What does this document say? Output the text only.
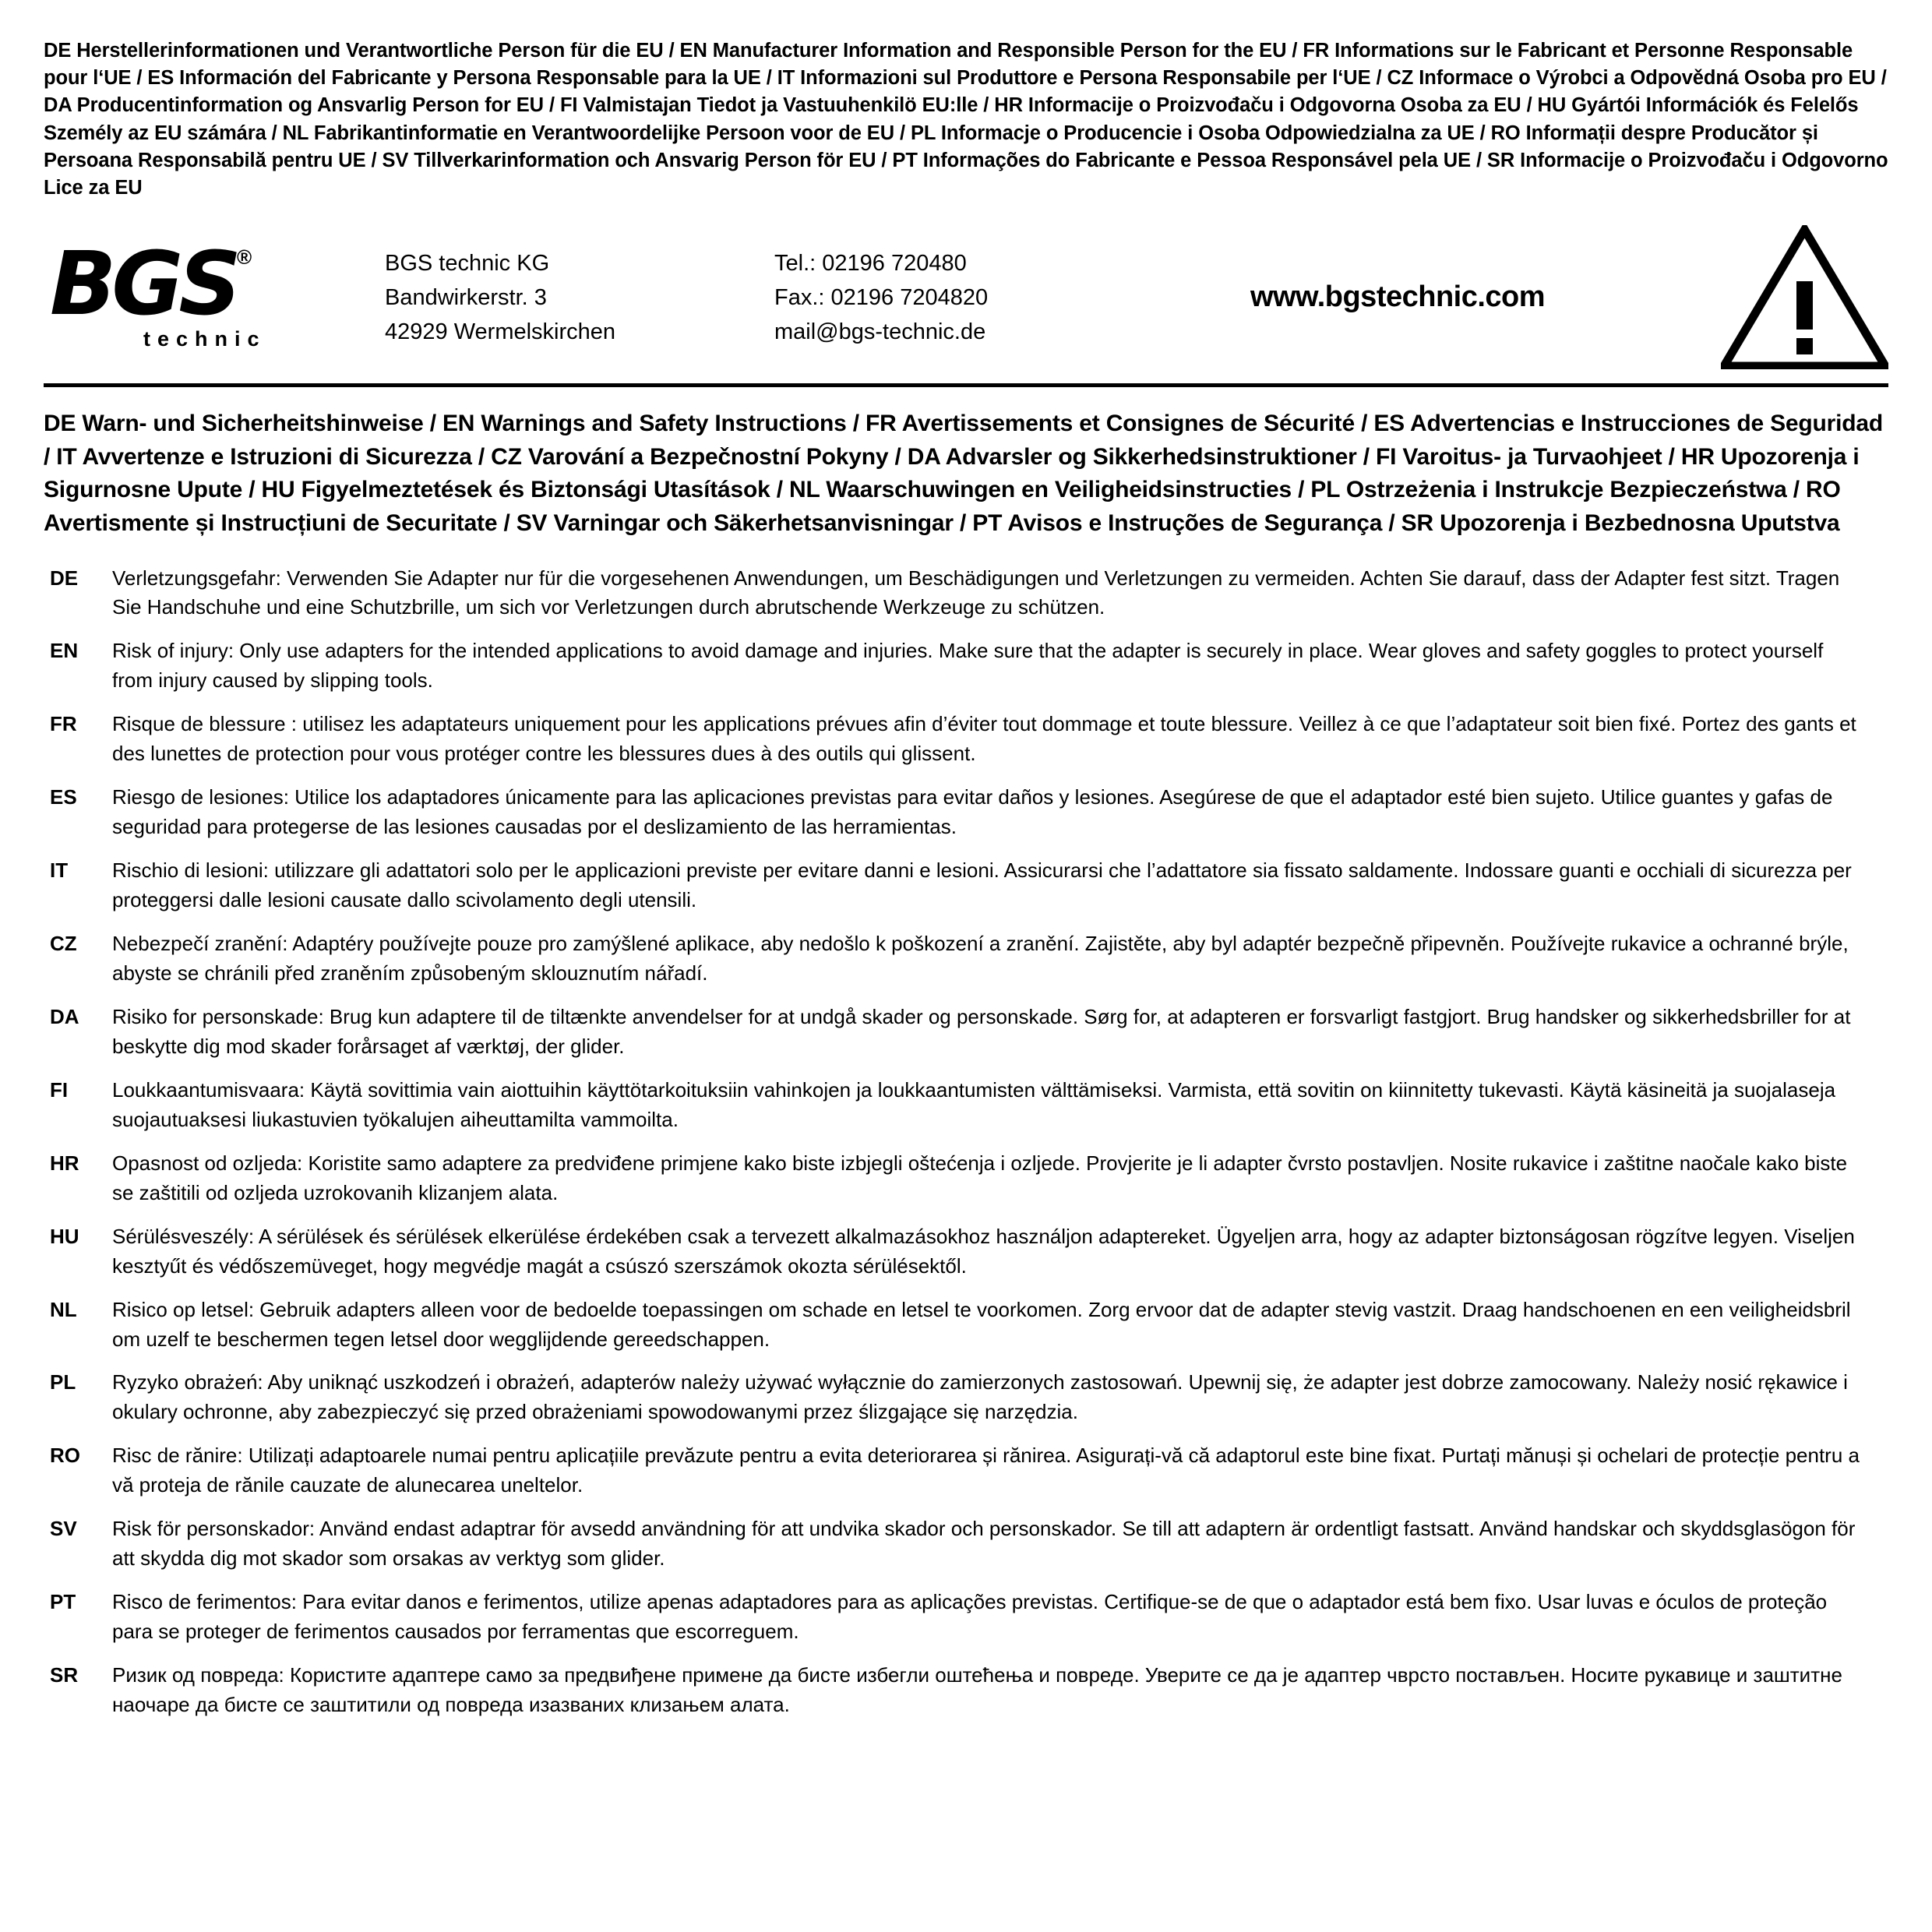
DE Herstellerinformationen und Verantwortliche Person für die EU / EN Manufacturer Information and Responsible Person for the EU / FR Informations sur le Fabricant et Personne Responsable pour l‘UE / ES Información del Fabricante y Persona Responsable para la UE / IT Informazioni sul Produttore e Persona Responsabile per l‘UE / CZ Informace o Výrobci a Odpovědná Osoba pro EU / DA Producentinformation og Ansvarlig Person for EU / FI Valmistajan Tiedot ja Vastuuhenkilö EU:lle / HR Informacije o Proizvođaču i Odgovorna Osoba za EU / HU Gyártói Információk és Felelős Személy az EU számára / NL Fabrikantinformatie en Verantwoordelijke Persoon voor de EU / PL Informacje o Producencie i Osoba Odpowiedzialna za UE / RO Informații despre Producător și Persoana Responsabilă pentru UE / SV Tillverkarinformation och Ansvarig Person för EU / PT Informações do Fabricante e Pessoa Responsável pela UE / SR Informacije o Proizvođaču i Odgovorno Lice za EU
BGS ®
technic
BGS technic KG
Bandwirkerstr. 3
42929 Wermelskirchen
Tel.: 02196 720480
Fax.: 02196 7204820
mail@bgs-technic.de
www.bgstechnic.com
DE Warn- und Sicherheitshinweise / EN Warnings and Safety Instructions / FR Avertissements et Consignes de Sécurité / ES Advertencias e Instrucciones de Seguridad / IT Avvertenze e Istruzioni di Sicurezza / CZ Varování a Bezpečnostní Pokyny / DA Advarsler og Sikkerhedsinstruktioner / FI Varoitus- ja Turvaohjeet / HR Upozorenja i Sigurnosne Upute / HU Figyelmeztetések és Biztonsági Utasítások / NL Waarschuwingen en Veiligheidsinstructies / PL Ostrzeżenia i Instrukcje Bezpieczeństwa / RO Avertismente și Instrucțiuni de Securitate / SV Varningar och Säkerhetsanvisningar / PT Avisos e Instruções de Segurança / SR Upozorenja i Bezbednosna Uputstva
DE	Verletzungsgefahr: Verwenden Sie Adapter nur für die vorgesehenen Anwendungen, um Beschädigungen und Verletzungen zu vermeiden. Achten Sie darauf, dass der Adapter fest sitzt. Tragen Sie Handschuhe und eine Schutzbrille, um sich vor Verletzungen durch abrutschende Werkzeuge zu schützen.
EN	Risk of injury: Only use adapters for the intended applications to avoid damage and injuries. Make sure that the adapter is securely in place. Wear gloves and safety goggles to protect yourself from injury caused by slipping tools.
FR	Risque de blessure : utilisez les adaptateurs uniquement pour les applications prévues afin d’éviter tout dommage et toute blessure. Veillez à ce que l’adaptateur soit bien fixé. Portez des gants et des lunettes de protection pour vous protéger contre les blessures dues à des outils qui glissent.
ES	Riesgo de lesiones: Utilice los adaptadores únicamente para las aplicaciones previstas para evitar daños y lesiones. Asegúrese de que el adaptador esté bien sujeto. Utilice guantes y gafas de seguridad para protegerse de las lesiones causadas por el deslizamiento de las herramientas.
IT	Rischio di lesioni: utilizzare gli adattatori solo per le applicazioni previste per evitare danni e lesioni. Assicurarsi che l’adattatore sia fissato saldamente. Indossare guanti e occhiali di sicurezza per proteggersi dalle lesioni causate dallo scivolamento degli utensili.
CZ	Nebezpečí zranění: Adaptéry používejte pouze pro zamýšlené aplikace, aby nedošlo k poškození a zranění. Zajistěte, aby byl adaptér bezpečně připevněn. Používejte rukavice a ochranné brýle, abyste se chránili před zraněním způsobeným sklouznutím nářadí.
DA	Risiko for personskade: Brug kun adaptere til de tiltænkte anvendelser for at undgå skader og personskade. Sørg for, at adapteren er forsvarligt fastgjort. Brug handsker og sikkerhedsbriller for at beskytte dig mod skader forårsaget af værktøj, der glider.
FI	Loukkaantumisvaara: Käytä sovittimia vain aiottuihin käyttötarkoituksiin vahinkojen ja loukkaantumisten välttämiseksi. Varmista, että sovitin on kiinnitetty tukevasti. Käytä käsineitä ja suojalaseja suojautuaksesi liukastuvien työkalujen aiheuttamilta vammoilta.
HR	Opasnost od ozljeda: Koristite samo adaptere za predviđene primjene kako biste izbjegli oštećenja i ozljede. Provjerite je li adapter čvrsto postavljen. Nosite rukavice i zaštitne naočale kako biste se zaštitili od ozljeda uzrokovanih klizanjem alata.
HU	Sérülésveszély: A sérülések és sérülések elkerülése érdekében csak a tervezett alkalmazásokhoz használjon adaptereket. Ügyeljen arra, hogy az adapter biztonságosan rögzítve legyen. Viseljen kesztyűt és védőszemüveget, hogy megvédje magát a csúszó szerszámok okozta sérülésektől.
NL	Risico op letsel: Gebruik adapters alleen voor de bedoelde toepassingen om schade en letsel te voorkomen. Zorg ervoor dat de adapter stevig vastzit. Draag handschoenen en een veiligheidsbril om uzelf te beschermen tegen letsel door wegglijdende gereedschappen.
PL	Ryzyko obrażeń: Aby uniknąć uszkodzeń i obrażeń, adapterów należy używać wyłącznie do zamierzonych zastosowań. Upewnij się, że adapter jest dobrze zamocowany. Należy nosić rękawice i okulary ochronne, aby zabezpieczyć się przed obrażeniami spowodowanymi przez ślizgające się narzędzia.
RO	Risc de rănire: Utilizați adaptoarele numai pentru aplicațiile prevăzute pentru a evita deteriorarea și rănirea. Asigurați-vă că adaptorul este bine fixat. Purtați mănuși și ochelari de protecție pentru a vă proteja de rănile cauzate de alunecarea uneltelor.
SV	Risk för personskador: Använd endast adaptrar för avsedd användning för att undvika skador och personskador. Se till att adaptern är ordentligt fastsatt. Använd handskar och skyddsglasögon för att skydda dig mot skador som orsakas av verktyg som glider.
PT	Risco de ferimentos: Para evitar danos e ferimentos, utilize apenas adaptadores para as aplicações previstas. Certifique-se de que o adaptador está bem fixo. Usar luvas e óculos de proteção para se proteger de ferimentos causados por ferramentas que escorreguem.
SR	Ризик од повреда: Користите адаптере само за предвиђене примене да бисте избегли оштећења и повреде. Уверите се да је адаптер чврсто постављен. Носите рукавице и заштитне наочаре да бисте се заштитили од повреда изазваних клизањем алата.
